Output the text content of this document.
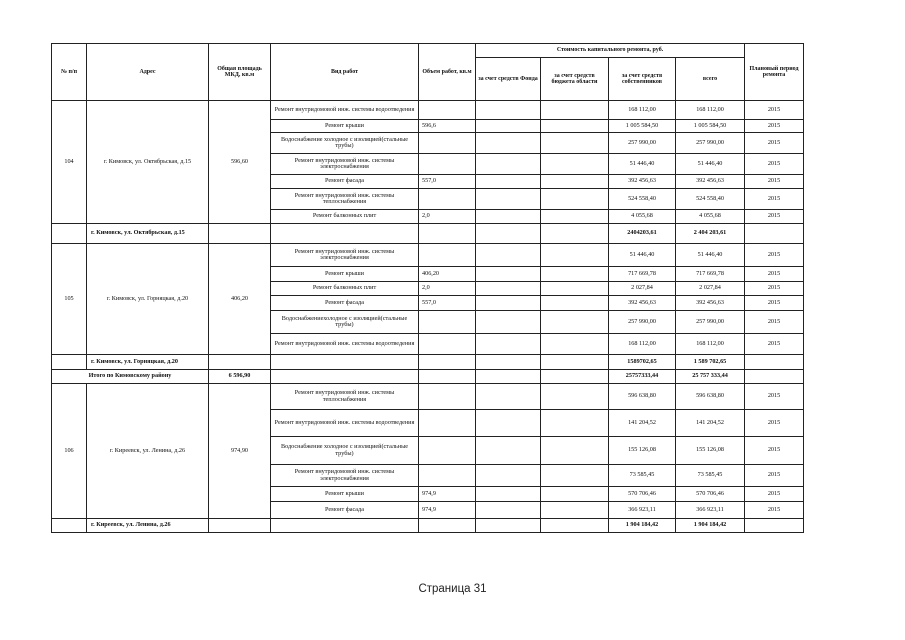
№ п/п	Адрес	Общая площадь МКД, кв.м	Вид работ	Объем работ, кв.м	Стоимость капитального ремонта, руб.				Плановый период ремонта
					за счет средств Фонда	за счет средств бюджета области	за счет средств собственников	всего	
104	г. Кимовск, ул. Октябрьская, д.15	596,60	Ремонт внутридомовой инж. системы водоотведения				168 112,00	168 112,00	2015
			Ремонт крыши	596,6			1 005 584,50	1 005 584,50	2015
			Водоснабжение холодное с изоляцией(стальные трубы)				257 990,00	257 990,00	2015
			Ремонт внутридомовой инж. системы электроснабжения				51 446,40	51 446,40	2015
			Ремонт фасада	557,0			392 456,63	392 456,63	2015
			Ремонт внутридомовой инж. системы теплоснабжения				524 558,40	524 558,40	2015
			Ремонт балконных плит	2,0			4 055,68	4 055,68	2015
	г. Кимовск, ул. Октябрьская, д.15						2404203,61	2 404 203,61	
105	г. Кимовск, ул. Горняцкая, д.20	406,20	Ремонт внутридомовой инж. системы электроснабжения				51 446,40	51 446,40	2015
			Ремонт крыши	406,20			717 669,78	717 669,78	2015
			Ремонт балконных плит	2,0			2 027,84	2 027,84	2015
			Ремонт фасада	557,0			392 456,63	392 456,63	2015
			Водоснабжениехолодное с изоляцией(стальные трубы)				257 990,00	257 990,00	2015
			Ремонт внутридомовой инж. системы водоотведения				168 112,00	168 112,00	2015
	г. Кимовск, ул. Горняцкая, д.20						1589702,65	1 589 702,65	
Итого по Кимовскому району		6 596,90					25757333,44	25 757 333,44	
106	г. Киреевск, ул. Ленина, д.26	974,90	Ремонт внутридомовой инж. системы теплоснабжения				596 638,80	596 638,80	2015
			Ремонт внутридомовой инж. системы водоотведения				141 204,52	141 204,52	2015
			Водоснабжение холодное с изоляцией(стальные трубы)				155 126,08	155 126,08	2015
			Ремонт внутридомовой инж. системы электроснабжения				73 585,45	73 585,45	2015
			Ремонт крыши	974,9			570 706,46	570 706,46	2015
			Ремонт фасада	974,9			366 923,11	366 923,11	2015
	г. Киреевск, ул. Ленина, д.26						1 904 184,42	1 904 184,42	
Страница 31
